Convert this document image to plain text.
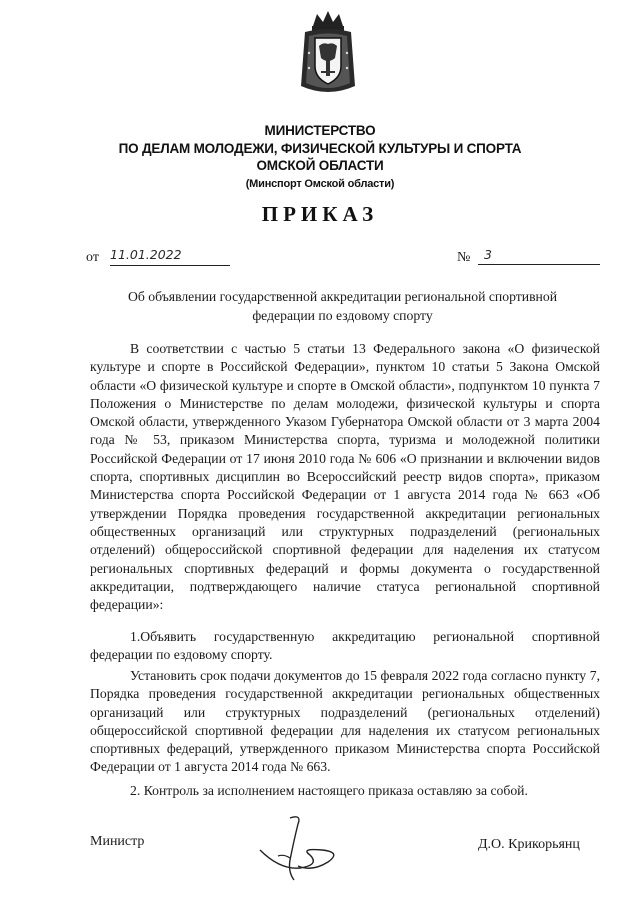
МИНИСТЕРСТВО
ПО ДЕЛАМ МОЛОДЕЖИ, ФИЗИЧЕСКОЙ КУЛЬТУРЫ И СПОРТА
ОМСКОЙ ОБЛАСТИ
(Минспорт Омской области)
ПРИКАЗ
от 11.01.2022	№	3
Об объявлении государственной аккредитации региональной спортивной федерации по ездовому спорту
В соответствии с частью 5 статьи 13 Федерального закона «О физической культуре и спорте в Российской Федерации», пунктом 10 статьи 5 Закона Омской области «О физической культуре и спорте в Омской области», подпунктом 10 пункта 7 Положения о Министерстве по делам молодежи, физической культуры и спорта Омской области, утвержденного Указом Губернатора Омской области от 3 марта 2004 года № 53, приказом Министерства спорта, туризма и молодежной политики Российской Федерации от 17 июня 2010 года № 606 «О признании и включении видов спорта, спортивных дисциплин во Всероссийский реестр видов спорта», приказом Министерства спорта Российской Федерации от 1 августа 2014 года № 663 «Об утверждении Порядка проведения государственной аккредитации региональных общественных организаций или структурных подразделений (региональных отделений) общероссийской спортивной федерации для наделения их статусом региональных спортивных федераций и формы документа о государственной аккредитации, подтверждающего наличие статуса региональной спортивной федерации»:
1.Объявить государственную аккредитацию региональной спортивной федерации по ездовому спорту.
Установить срок подачи документов до 15 февраля 2022 года согласно пункту 7, Порядка проведения государственной аккредитации региональных общественных организаций или структурных подразделений (региональных отделений) общероссийской спортивной федерации для наделения их статусом региональных спортивных федераций, утвержденного приказом Министерства спорта Российской Федерации от 1 августа 2014 года № 663.
2. Контроль за исполнением настоящего приказа оставляю за собой.
Министр	Д.О. Крикорьянц
